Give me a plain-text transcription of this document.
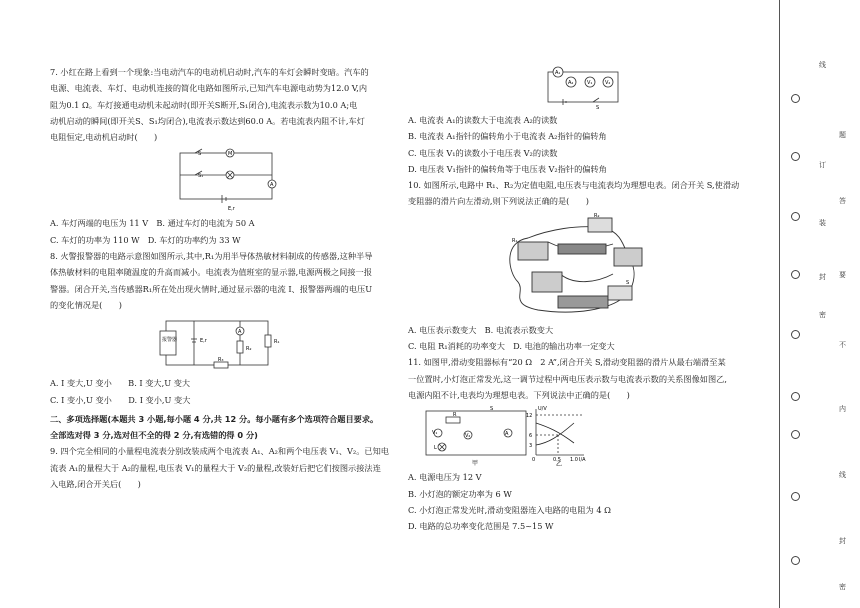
7. 小红在路上看到一个现象:当电动汽车的电动机启动时,汽车的车灯会瞬时变暗。汽车的

电源、电流表、车灯、电动机连接的简化电路如图所示,已知汽车电源电动势为12.0 V,内

阻为0.1 Ω。车灯接通电动机未起动时(即开关S断开,S₁闭合),电流表示数为10.0 A;电

动机启动的瞬间(即开关S、S₁均闭合),电流表示数达到60.0 A。若电流表内阻不计,车灯

电阻恒定,电动机启动时(　　)

M
A
S
S₁
E,r

A. 车灯两端的电压为 11 V　B. 通过车灯的电流为 50 A

C. 车灯的功率为 110 W　D. 车灯的功率约为 33 W

8. 火警报警器的电路示意图如图所示,其中,R₁为用半导体热敏材料制成的传感器,这种半导

体热敏材料的电阻率随温度的升高而减小。电流表为值班室的显示器,电源两极之间接一报

警器。闭合开关,当传感器R₁所在处出现火情时,通过显示器的电流 I、报警器两端的电压U

的变化情况是(　　)

报警器	E,r
A
R₂
R₁
R₃

A. I 变大,U 变小　　B. I 变大,U 变大

C. I 变小,U 变小　　D. I 变小,U 变大

二、多项选择题(本题共 3 小题,每小题 4 分,共 12 分。每小题有多个选项符合题目要求。

全部选对得 3 分,选对但不全的得 2 分,有选错的得 0 分)

9. 四个完全相同的小量程电流表分别改装成两个电流表 A₁、A₂和两个电压表 V₁、V₂。已知电

流表 A₁的量程大于 A₂的量程,电压表 V₁的量程大于 V₂的量程,改装好后把它们按图示接法连

入电路,闭合开关后(　　)

A₁
A₂	V₁	V₂
S

A. 电流表 A₁的读数大于电流表 A₂的读数

B. 电流表 A₁指针的偏转角小于电流表 A₂指针的偏转角

C. 电压表 V₁的读数小于电压表 V₂的读数

D. 电压表 V₁指针的偏转角等于电压表 V₂指针的偏转角

10. 如图所示,电路中 R₁、R₂为定值电阻,电压表与电流表均为理想电表。闭合开关 S,使滑动

变阻器的滑片向左滑动,则下列说法正确的是(　　)

R₂
R₁
S

A. 电压表示数变大　B. 电流表示数变大

C. 电阻 R₁消耗的功率变大　D. 电池的输出功率一定变大

11. 如图甲,滑动变阻器标有“20 Ω　2 A”,闭合开关 S,滑动变阻器的滑片从最右端滑至某

一位置时,小灯泡正常发光,这一调节过程中两电压表示数与电流表示数的关系图像如图乙,

电源内阻不计,电表均为理想电表。下列说法中正确的是(　　)

R
V₁	V₂	A
L
S
甲
U/V
12
6
3
0	0.5 1.0 I/A
乙

A. 电源电压为 12 V

B. 小灯泡的额定功率为 6 W

C. 小灯泡正常发光时,滑动变阻器连入电路的电阻为 4 Ω

D. 电路的总功率变化范围是 7.5~15 W

线
订
装
封
密
题
答
要
不
内
线
封
密
